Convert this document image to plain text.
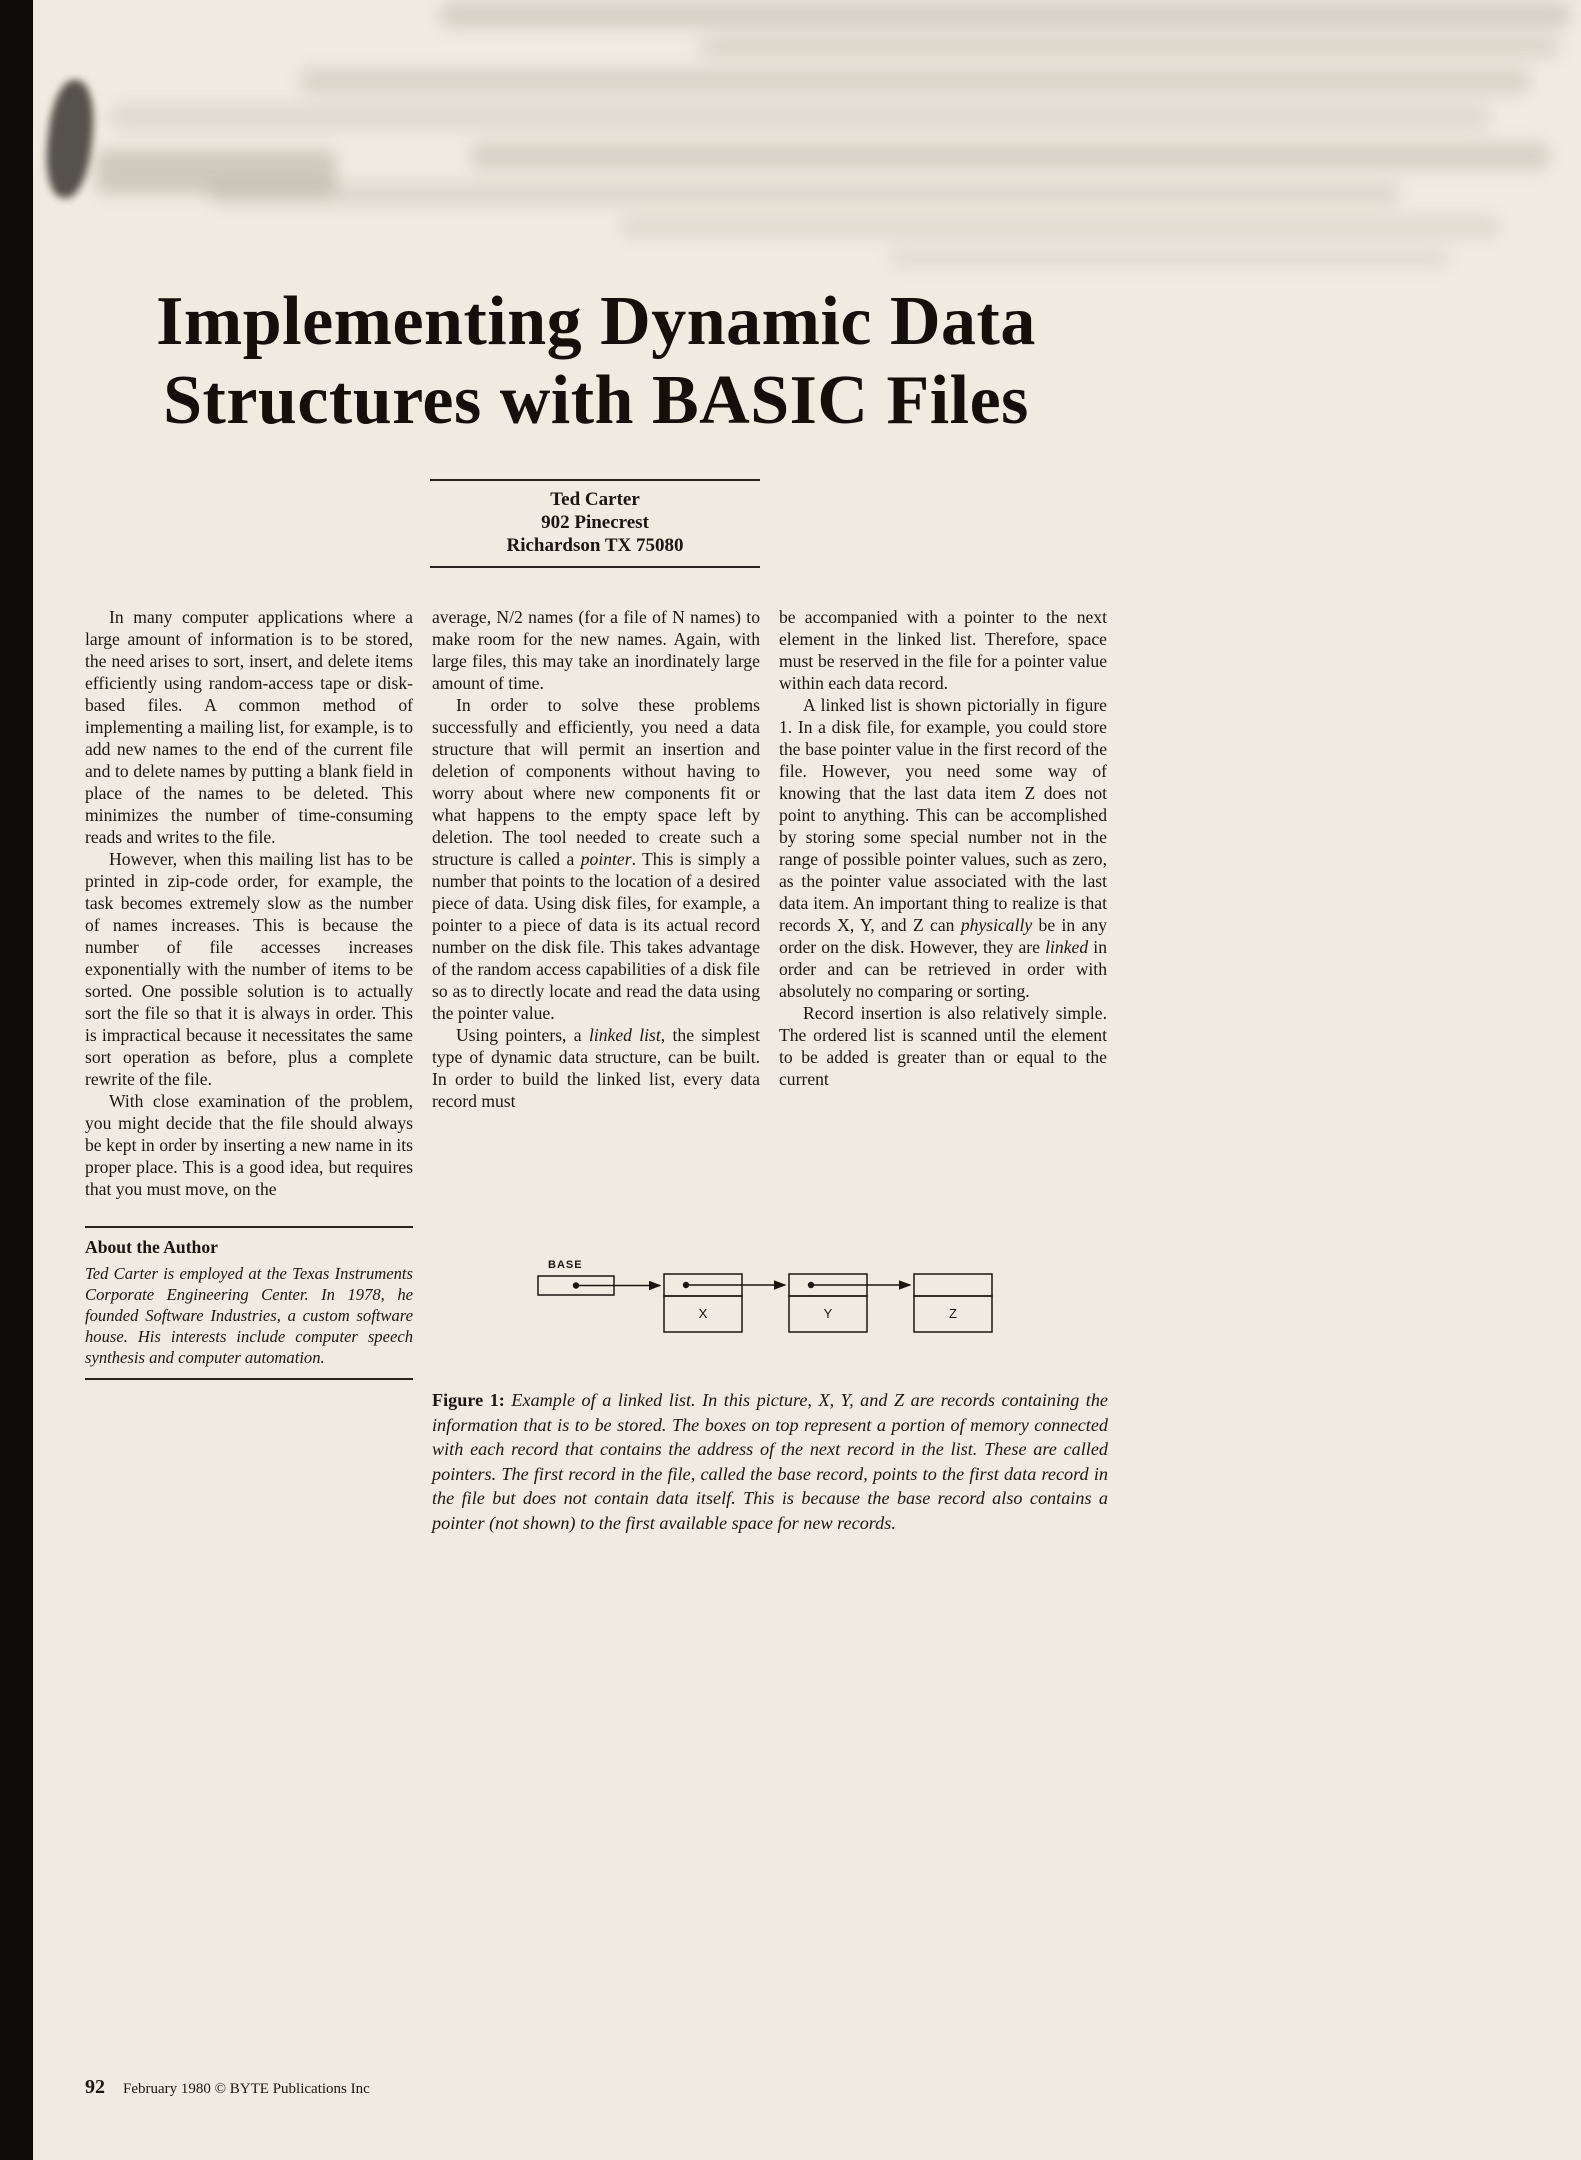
Implementing Dynamic Data
Structures with BASIC Files
Ted Carter
902 Pinecrest
Richardson TX 75080

In many computer applications where a large amount of information is to be stored, the need arises to sort, insert, and delete items efficiently using random-access tape or disk-based files. A common method of implementing a mailing list, for example, is to add new names to the end of the current file and to delete names by putting a blank field in place of the names to be deleted. This minimizes the number of time-consuming reads and writes to the file.

However, when this mailing list has to be printed in zip-code order, for example, the task becomes extremely slow as the number of names increases. This is because the number of file accesses increases exponentially with the number of items to be sorted. One possible solution is to actually sort the file so that it is always in order. This is impractical because it necessitates the same sort operation as before, plus a complete rewrite of the file.

With close examination of the problem, you might decide that the file should always be kept in order by inserting a new name in its proper place. This is a good idea, but requires that you must move, on the

About the Author

Ted Carter is employed at the Texas Instruments Corporate Engineering Center. In 1978, he founded Software Industries, a custom software house. His interests include computer speech synthesis and computer automation.

average, N/2 names (for a file of N names) to make room for the new names. Again, with large files, this may take an inordinately large amount of time.

In order to solve these problems successfully and efficiently, you need a data structure that will permit an insertion and deletion of components without having to worry about where new components fit or what happens to the empty space left by deletion. The tool needed to create such a structure is called a pointer. This is simply a number that points to the location of a desired piece of data. Using disk files, for example, a pointer to a piece of data is its actual record number on the disk file. This takes advantage of the random access capabilities of a disk file so as to directly locate and read the data using the pointer value.

Using pointers, a linked list, the simplest type of dynamic data structure, can be built. In order to build the linked list, every data record must

be accompanied with a pointer to the next element in the linked list. Therefore, space must be reserved in the file for a pointer value within each data record.

A linked list is shown pictorially in figure 1. In a disk file, for example, you could store the base pointer value in the first record of the file. However, you need some way of knowing that the last data item Z does not point to anything. This can be accomplished by storing some special number not in the range of possible pointer values, such as zero, as the pointer value associated with the last data item. An important thing to realize is that records X, Y, and Z can physically be in any order on the disk. However, they are linked in order and can be retrieved in order with absolutely no comparing or sorting.

Record insertion is also relatively simple. The ordered list is scanned until the element to be added is greater than or equal to the current

BASE
X	Y	Z

Figure 1: Example of a linked list. In this picture, X, Y, and Z are records containing the information that is to be stored. The boxes on top represent a portion of memory connected with each record that contains the address of the next record in the list. These are called pointers. The first record in the file, called the base record, points to the first data record in the file but does not contain data itself. This is because the base record also contains a pointer (not shown) to the first available space for new records.

92 February 1980 © BYTE Publications Inc
